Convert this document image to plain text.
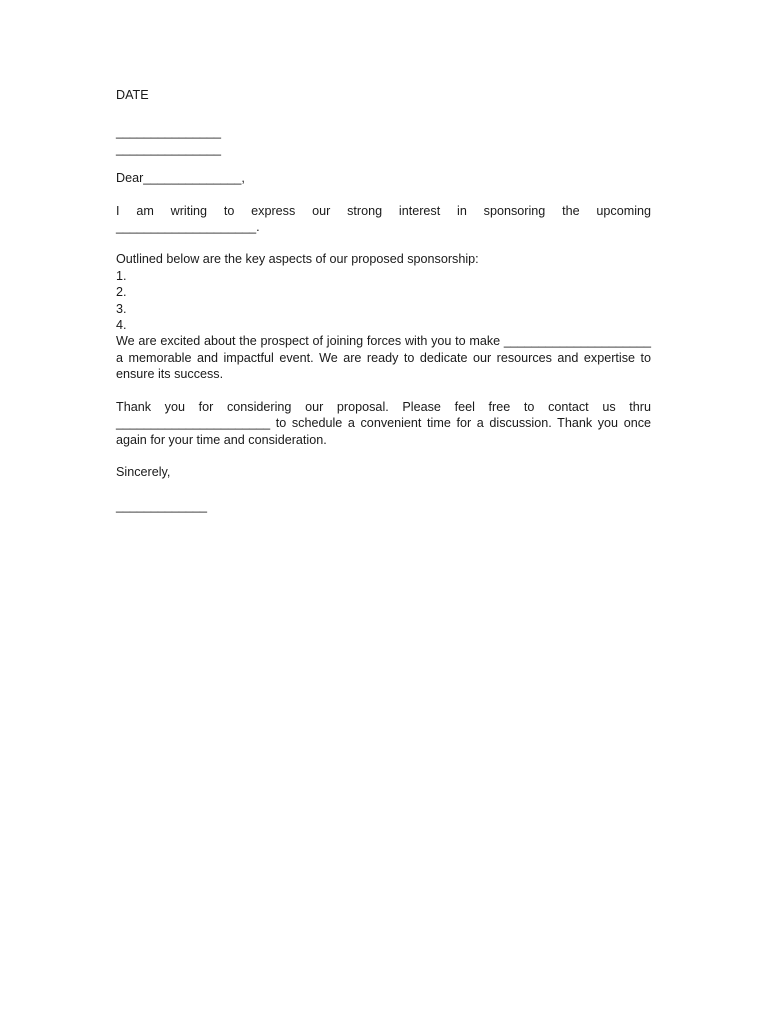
DATE

_______________

_______________

Dear______________,

I am writing to express our strong interest in sponsoring the upcoming ____________________.

Outlined below are the key aspects of our proposed sponsorship:

1.

2.

3.

4.

We are excited about the prospect of joining forces with you to make _____________________ a memorable and impactful event. We are ready to dedicate our resources and expertise to ensure its success.

Thank you for considering our proposal. Please feel free to contact us thru ______________________ to schedule a convenient time for a discussion. Thank you once again for your time and consideration.

Sincerely,

_____________
